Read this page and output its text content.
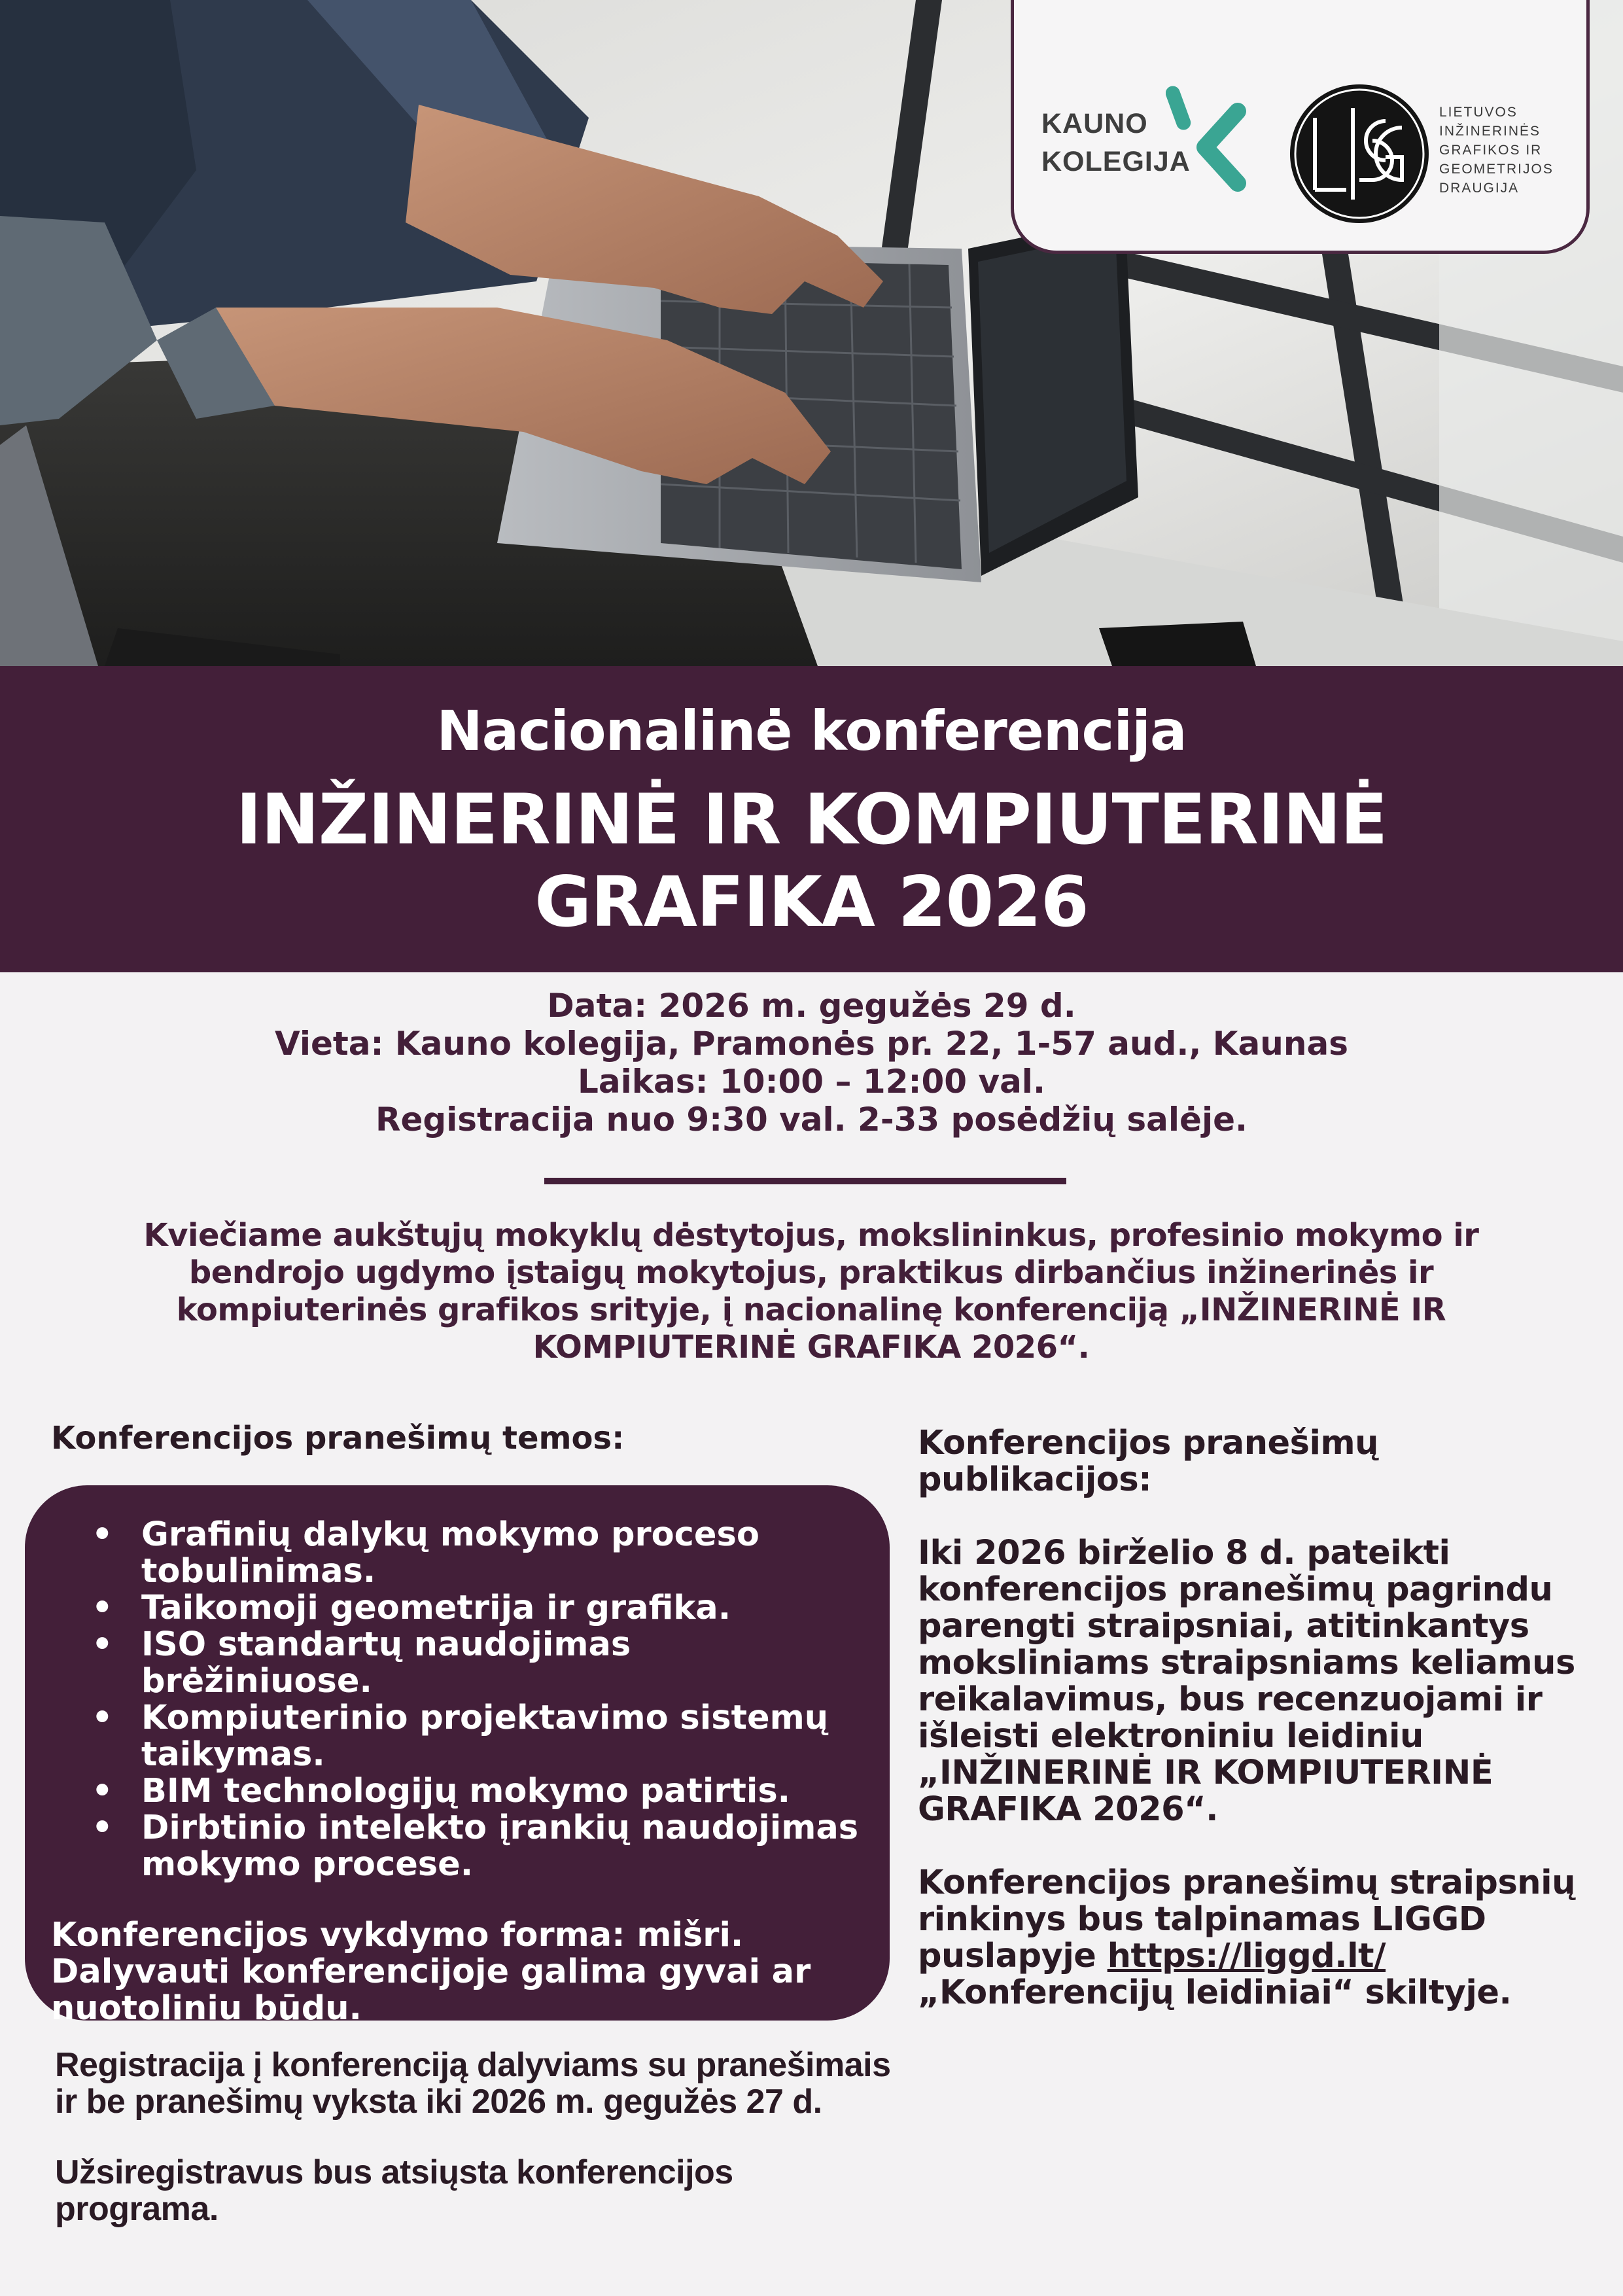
KAUNO
KOLEGIJA
LIETUVOS
INŽINERINĖS
GRAFIKOS IR
GEOMETRIJOS
DRAUGIJA
Nacionalinė konferencija
INŽINERINĖ IR KOMPIUTERINĖ
GRAFIKA 2026
Data: 2026 m. gegužės 29 d.
Vieta: Kauno kolegija, Pramonės pr. 22, 1-57 aud., Kaunas
Laikas: 10:00 – 12:00 val.
Registracija nuo 9:30 val. 2-33 posėdžių salėje.
Kviečiame aukštųjų mokyklų dėstytojus, mokslininkus, profesinio mokymo ir bendrojo ugdymo įstaigų mokytojus, praktikus dirbančius inžinerinės ir kompiuterinės grafikos srityje, į nacionalinę konferenciją „INŽINERINĖ IR KOMPIUTERINĖ GRAFIKA 2026“.
Konferencijos pranešimų temos:
• Grafinių dalykų mokymo proceso tobulinimas.
• Taikomoji geometrija ir grafika.
• ISO standartų naudojimas brėžiniuose.
• Kompiuterinio projektavimo sistemų taikymas.
• BIM technologijų mokymo patirtis.
• Dirbtinio intelekto įrankių naudojimas mokymo procese.
Konferencijos vykdymo forma: mišri. Dalyvauti konferencijoje galima gyvai ar nuotoliniu būdu.

Registracija į konferenciją dalyviams su pranešimais ir be pranešimų vyksta iki 2026 m. gegužės 27 d.

Užsiregistravus bus atsiųsta konferencijos programa.

Konferencijos pranešimų publikacijos:

Iki 2026 birželio 8 d. pateikti konferencijos pranešimų pagrindu parengti straipsniai, atitinkantys moksliniams straipsniams keliamus reikalavimus, bus recenzuojami ir išleisti elektroniniu leidiniu „INŽINERINĖ IR KOMPIUTERINĖ GRAFIKA 2026“.

Konferencijos pranešimų straipsnių rinkinys bus talpinamas LIGGD puslapyje https://liggd.lt/ „Konferencijų leidiniai“ skiltyje.
